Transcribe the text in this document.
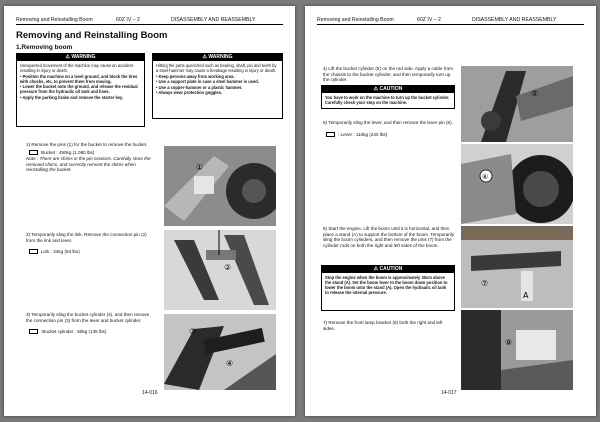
Removing and Reinstalling Boom	60Z IV – 2	DISASSEMBLY AND REASSEMBLY
Removing and Reinstalling Boom
1.Removing boom
⚠ WARNING

Unexpected movement of the machine may cause an accident resulting in injury or death.

• Position the machine on a level ground, and block the tires with chocks, etc, to prevent them from moving.

• Lower the bucket onto the ground, and release the residual pressure from the hydraulic oil tank and lines.

• Apply the parking brake and remove the starter key.

⚠ WARNING

Hitting the parts quenched such as bearing, shaft, pin and teeth by a steel-hammer may cause a breakage resulting in injury or death.

• Keep persons away from working area.

• Use a support plate in case a steel hammer is used.

• Use a copper-hammer or a plastic hammer.

• Always wear protection goggles.

1) Remove the pins (1) for the bucket to remove the bucket.
Bucket : 490kg (1,080 lbs)
Note : There are shims in the pin sections. Carefully store the removed shims, and correctly reinsert the shims when reinstalling the bucket.
2) Temporarily sling the link. Remove the connection pin (2) from the link and lever.
Link : 24kg (53 lbs)
3) Temporarily sling the bucket cylinder (4), and then remove the connection pin (3) from the lever and bucket cylinder.
:Bucket cylinder : 60kg (135 lbs)
①
②
③
④
14-016
Removing and Reinstalling Boom	60Z IV – 2	DISASSEMBLY AND REASSEMBLY
4) Lift the bucket cylinder (5) on the rod side. Apply a cable from the chassis to the bucket cylinder, and then temporarily turn up the cylinder.
⚠ CAUTION
You have to work on the machine to turn up the bucket cylinder. Carefully check your step on the machine.
5) Temporarily sling the lever, and then remove the lever pin (6).
: Lever : 110kg (240 lbs)
6) Start the engine. Lift the boom until it is horizontal, and then place a stand (A) to support the bottom of the boom. Temporarily sling the boom cylinders, and then remove the pins (7) from the cylinder rods on both the right and left sides of the boom.
⚠ CAUTION
Stop the engine when the boom is approximately 30cm above the stand (A). Set the boom lever to the boom down position to lower the boom onto the stand (A). Open the hydraulic oil tank to release the internal pressure.
7) Remove the front lamp bracket (8) both the right and left sides.
⑤
⑥
A
⑦
⑧
14-017
